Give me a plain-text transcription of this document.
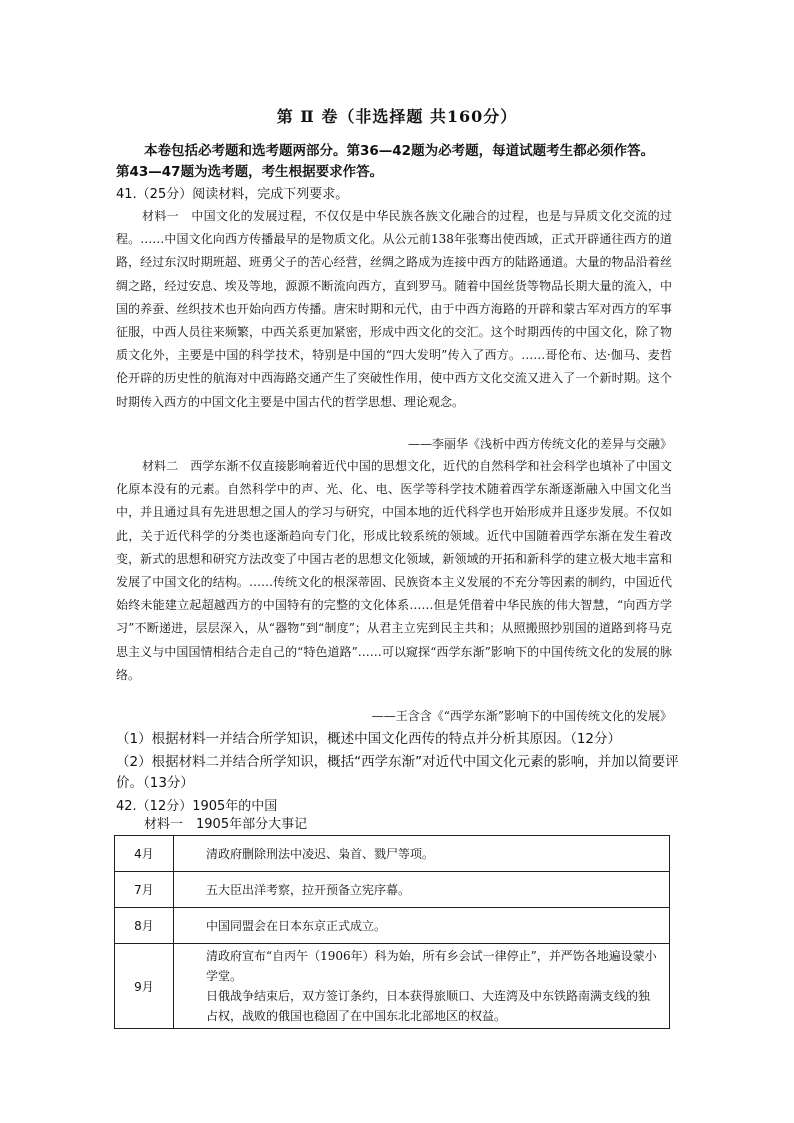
第 Ⅱ 卷（非选择题 共160分）
本卷包括必考题和选考题两部分。第36—42题为必考题，每道试题考生都必须作答。
第43—47题为选考题，考生根据要求作答。
41.（25分）阅读材料，完成下列要求。
材料一　 中国文化的发展过程，不仅仅是中华民族各族文化融合的过程，也是与异质文化交流的过程。……中国文化向西方传播最早的是物质文化。从公元前138年张骞出使西域，正式开辟通往西方的道路，经过东汉时期班超、班勇父子的苦心经营，丝绸之路成为连接中西方的陆路通道。大量的物品沿着丝绸之路，经过安息、埃及等地，源源不断流向西方，直到罗马。随着中国丝货等物品长期大量的流入，中国的养蚕、丝织技术也开始向西方传播。唐宋时期和元代，由于中西方海路的开辟和蒙古军对西方的军事征服，中西人员往来频繁，中西关系更加紧密，形成中西文化的交汇。这个时期西传的中国文化，除了物质文化外，主要是中国的科学技术，特别是中国的“四大发明”传入了西方。……哥伦布、达·伽马、麦哲伦开辟的历史性的航海对中西海路交通产生了突破性作用，使中西方文化交流又进入了一个新时期。这个时期传入西方的中国文化主要是中国古代的哲学思想、理论观念。
——李丽华《浅析中西方传统文化的差异与交融》
材料二　 西学东渐不仅直接影响着近代中国的思想文化，近代的自然科学和社会科学也填补了中国文化原本没有的元素。自然科学中的声、光、化、电、医学等科学技术随着西学东渐逐渐融入中国文化当中，并且通过具有先进思想之国人的学习与研究，中国本地的近代科学也开始形成并且逐步发展。不仅如此，关于近代科学的分类也逐渐趋向专门化，形成比较系统的领域。近代中国随着西学东渐在发生着改变，新式的思想和研究方法改变了中国古老的思想文化领域，新领域的开拓和新科学的建立极大地丰富和发展了中国文化的结构。……传统文化的根深蒂固、民族资本主义发展的不充分等因素的制约，中国近代始终未能建立起超越西方的中国特有的完整的文化体系……但是凭借着中华民族的伟大智慧，“向西方学习”不断递进，层层深入，从“器物”到“制度”；从君主立宪到民主共和；从照搬照抄别国的道路到将马克思主义与中国国情相结合走自己的“特色道路”……可以窥探“西学东渐”影响下的中国传统文化的发展的脉络。
——王含含《“西学东渐”影响下的中国传统文化的发展》
（1）根据材料一并结合所学知识，概述中国文化西传的特点并分析其原因。（12分）
（2）根据材料二并结合所学知识，概括“西学东渐”对近代中国文化元素的影响，并加以简要评价。（13分）
42.（12分）1905年的中国
材料一　1905年部分大事记
4月	清政府删除刑法中凌迟、枭首、戮尸等项。
7月	五大臣出洋考察，拉开预备立宪序幕。
8月	中国同盟会在日本东京正式成立。
9月	清政府宣布“自丙午（1906年）科为始，所有乡会试一律停止”，并严饬各地遍设蒙小学堂。
日俄战争结束后，双方签订条约，日本获得旅顺口、大连湾及中东铁路南满支线的独占权，战败的俄国也稳固了在中国东北北部地区的权益。
